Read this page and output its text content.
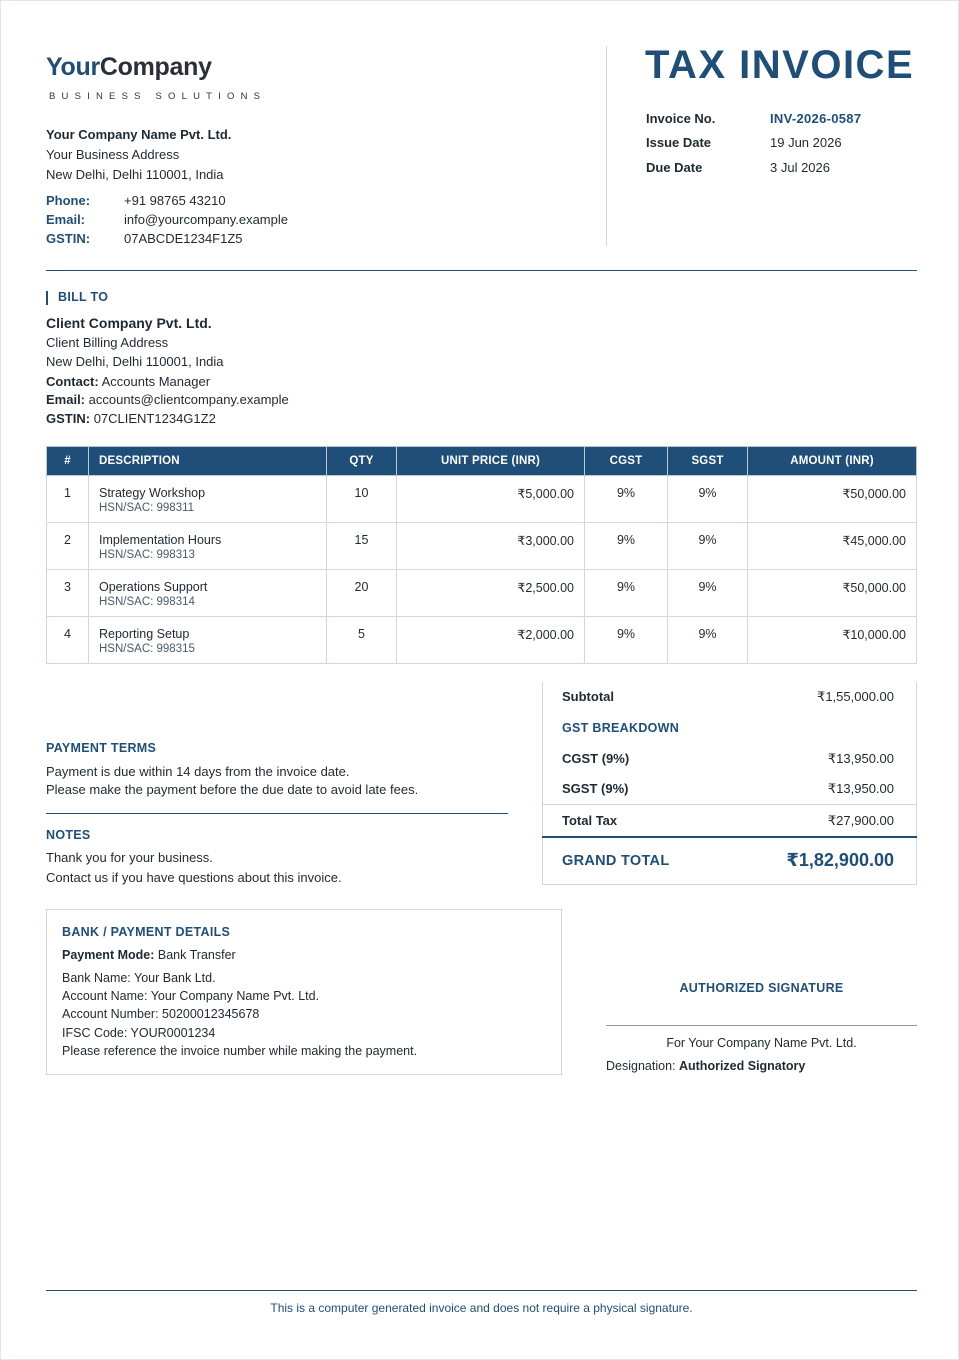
YourCompany
BUSINESS SOLUTIONS
Your Company Name Pvt. Ltd.
Your Business Address
New Delhi, Delhi 110001, India
Phone:	+91 98765 43210
Email:	info@yourcompany.example
GSTIN:	07ABCDE1234F1Z5
TAX INVOICE
Invoice No.	INV-2026-0587
Issue Date	19 Jun 2026
Due Date	3 Jul 2026
BILL TO
Client Company Pvt. Ltd.
Client Billing Address
New Delhi, Delhi 110001, India
Contact: Accounts Manager
Email: accounts@clientcompany.example
GSTIN: 07CLIENT1234G1Z2
#	DESCRIPTION	QTY	UNIT PRICE (INR)	CGST	SGST	AMOUNT (INR)
1	Strategy Workshop
HSN/SAC: 998311	10	₹5,000.00	9%	9%	₹50,000.00
2	Implementation Hours
HSN/SAC: 998313	15	₹3,000.00	9%	9%	₹45,000.00
3	Operations Support
HSN/SAC: 998314	20	₹2,500.00	9%	9%	₹50,000.00
4	Reporting Setup
HSN/SAC: 998315	5	₹2,000.00	9%	9%	₹10,000.00
PAYMENT TERMS
Payment is due within 14 days from the invoice date.
Please make the payment before the due date to avoid late fees.
NOTES
Thank you for your business.
Contact us if you have questions about this invoice.
Subtotal	₹1,55,000.00
GST BREAKDOWN
CGST (9%)	₹13,950.00
SGST (9%)	₹13,950.00
Total Tax	₹27,900.00
GRAND TOTAL	₹1,82,900.00
BANK / PAYMENT DETAILS
Payment Mode: Bank Transfer
Bank Name: Your Bank Ltd.
Account Name: Your Company Name Pvt. Ltd.
Account Number: 50200012345678
IFSC Code: YOUR0001234
Please reference the invoice number while making the payment.
AUTHORIZED SIGNATURE
For Your Company Name Pvt. Ltd.
Designation: Authorized Signatory
This is a computer generated invoice and does not require a physical signature.
